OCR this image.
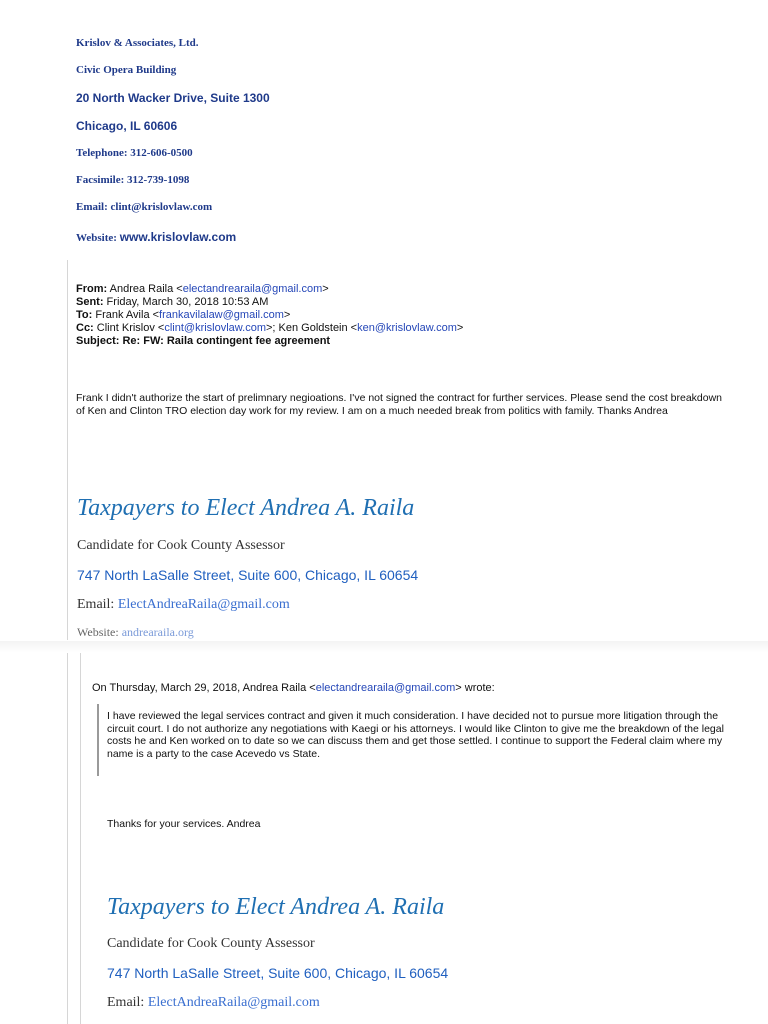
Krislov & Associates, Ltd.
Civic Opera Building
20 North Wacker Drive, Suite 1300
Chicago, IL 60606
Telephone: 312-606-0500
Facsimile: 312-739-1098
Email: clint@krislovlaw.com
Website: www.krislovlaw.com
From: Andrea Raila <electandrearaila@gmail.com>
Sent: Friday, March 30, 2018 10:53 AM
To: Frank Avila <frankavilalaw@gmail.com>
Cc: Clint Krislov <clint@krislovlaw.com>; Ken Goldstein <ken@krislovlaw.com>
Subject: Re: FW: Raila contingent fee agreement
Frank I didn't authorize the start of prelimnary negioations. I've not signed the contract for further services. Please send the cost breakdown of Ken and Clinton TRO election day work for my review. I am on a much needed break from politics with family. Thanks Andrea
Taxpayers to Elect Andrea A. Raila
Candidate for Cook County Assessor
747 North LaSalle Street, Suite 600, Chicago, IL 60654
Email: ElectAndreaRaila@gmail.com
Website: andrearaila.org
On Thursday, March 29, 2018, Andrea Raila <electandrearaila@gmail.com> wrote:
I have reviewed the legal services contract and given it much consideration. I have decided not to pursue more litigation through the circuit court. I do not authorize any negotiations with Kaegi or his attorneys. I would like Clinton to give me the breakdown of the legal costs he and Ken worked on to date so we can discuss them and get those settled. I continue to support the Federal claim where my name is a party to the case Acevedo vs State.
Thanks for your services. Andrea
Taxpayers to Elect Andrea A. Raila
Candidate for Cook County Assessor
747 North LaSalle Street, Suite 600, Chicago, IL 60654
Email: ElectAndreaRaila@gmail.com
